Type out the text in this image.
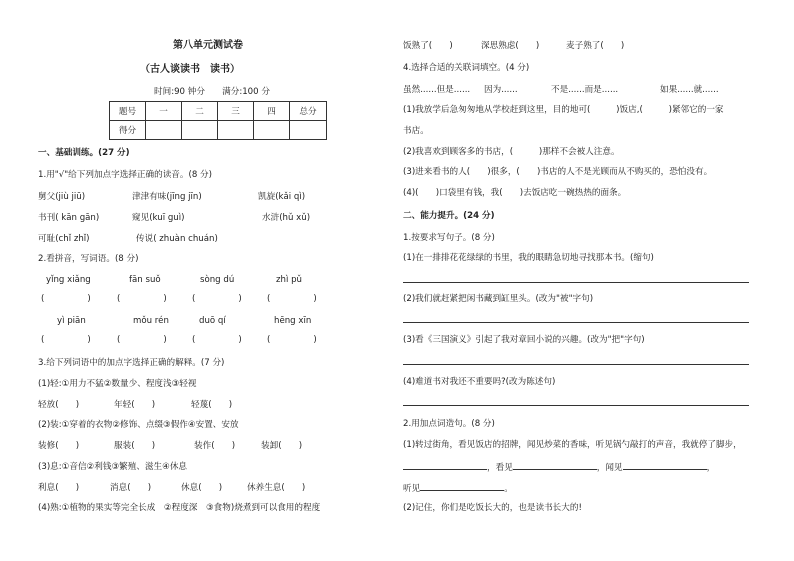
第八单元测试卷
（古人谈读书　读书）
时间:90 钟分　　满分:100 分
题号	一	二	三	四	总分
得分					
一、基础训练。(27 分)
1.用"√"给下列加点字选择正确的读音。(8 分)
舅父(jiù jiū)	津津有味(jīng jīn)	凯旋(kǎi qì)
书刊( kān gān)	窥见(kuī guì)	水浒(hǔ xǔ)
可耻(chǐ zhǐ)	传说( zhuàn chuán)
2.看拼音，写词语。(8 分)
yǐng xiǎng	fān suǒ	sòng dú	zhì pǔ
(　　　　　)	(　　　　　)	(　　　　　)	(　　　　　)
yì piān	mǒu rén	duō qí	hēng xīn
(　　　　　)	(　　　　　)	(　　　　　)	(　　　　　)
3.给下列词语中的加点字选择正确的解释。(7 分)
(1)轻:①用力不猛②数量少、程度浅③轻视
轻放(　　)	年轻(　　)	轻蔑(　　)
(2)装:①穿着的衣物②修饰、点缀③假作④安置、安放
装修(　　)	服装(　　)	装作(　　)	装卸(　　)
(3)息:①音信②利钱③繁殖、滋生④休息
利息(　　)	消息(　　)	休息(　　)	休养生息(　　)
(4)熟:①植物的果实等完全长成　②程度深　③食物)烧煮到可以食用的程度
饭熟了(　　)	深思熟虑(　　)	麦子熟了(　　)
4.选择合适的关联词填空。(4 分)
虽然......但是...... 因为......	不是......而是......	如果......就......
(1)我放学后急匆匆地从学校赶到这里，目的地可(　　　)饭店,(　　　)紧邻它的一家
书店。
(2)我喜欢到顾客多的书店，(　　　)那样不会被人注意。
(3)进来看书的人(　　)很多，(　　)书店的人不是光顾而从不购买的，恐怕没有。
(4)(　　)口袋里有钱，我(　　)去饭店吃一碗热热的面条。
二、能力提升。(24 分)
1.按要求写句子。(8 分)
(1)在一排排花花绿绿的书里，我的眼睛急切地寻找那本书。(缩句)
(2)我们就赶紧把闲书藏到缸里头。(改为"被"字句)
(3)看《三国演义》引起了我对章回小说的兴趣。(改为"把"字句)
(4)难道书对我还不重要吗?(改为陈述句)
2.用加点词造句。(8 分)
(1)转过街角，看见饭店的招牌，闻见炒菜的香味，听见锅勺敲打的声音，我就停了脚步，
，看见	，闻见	，
听见	。
(2)记住，你们是吃饭长大的，也是读书长大的!
